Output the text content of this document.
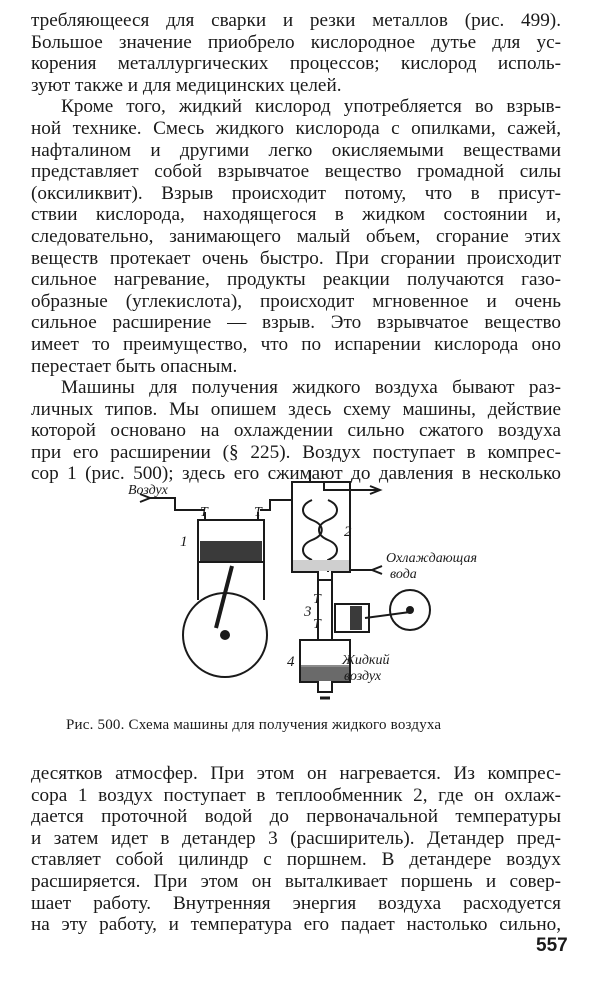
требляющееся для сварки и резки металлов (рис. 499).
Большое значение приобрело кислородное дутье для ус-
корения металлургических процессов; кислород исполь-
зуют также и для медицинских целей.
Кроме того, жидкий кислород употребляется во взрыв-
ной технике. Смесь жидкого кислорода с опилками, сажей,
нафталином и другими легко окисляемыми веществами
представляет собой взрывчатое вещество громадной силы
(оксиликвит). Взрыв происходит потому, что в присут-
ствии кислорода, находящегося в жидком состоянии и,
следовательно, занимающего малый объем, сгорание этих
веществ протекает очень быстро. При сгорании происходит
сильное нагревание, продукты реакции получаются газо-
образные (углекислота), происходит мгновенное и очень
сильное расширение — взрыв. Это взрывчатое вещество
имеет то преимущество, что по испарении кислорода оно
перестает быть опасным.
Машины для получения жидкого воздуха бывают раз-
личных типов. Мы опишем здесь схему машины, действие
которой основано на охлаждении сильно сжатого воздуха
при его расширении (§ 225). Воздух поступает в компрес-
сор 1 (рис. 500); здесь его сжимают до давления в несколько
Воздух
1
2
3
4
Охлаждающая
вода
Жидкий
воздух
T	T
T
T
Рис. 500. Схема машины для получения жидкого воздуха
десятков атмосфер. При этом он нагревается. Из компрес-
сора 1 воздух поступает в теплообменник 2, где он охлаж-
дается проточной водой до первоначальной температуры
и затем идет в детандер 3 (расширитель). Детандер пред-
ставляет собой цилиндр с поршнем. В детандере воздух
расширяется. При этом он выталкивает поршень и совер-
шает работу. Внутренняя энергия воздуха расходуется
на эту работу, и температура его падает настолько сильно,
557
